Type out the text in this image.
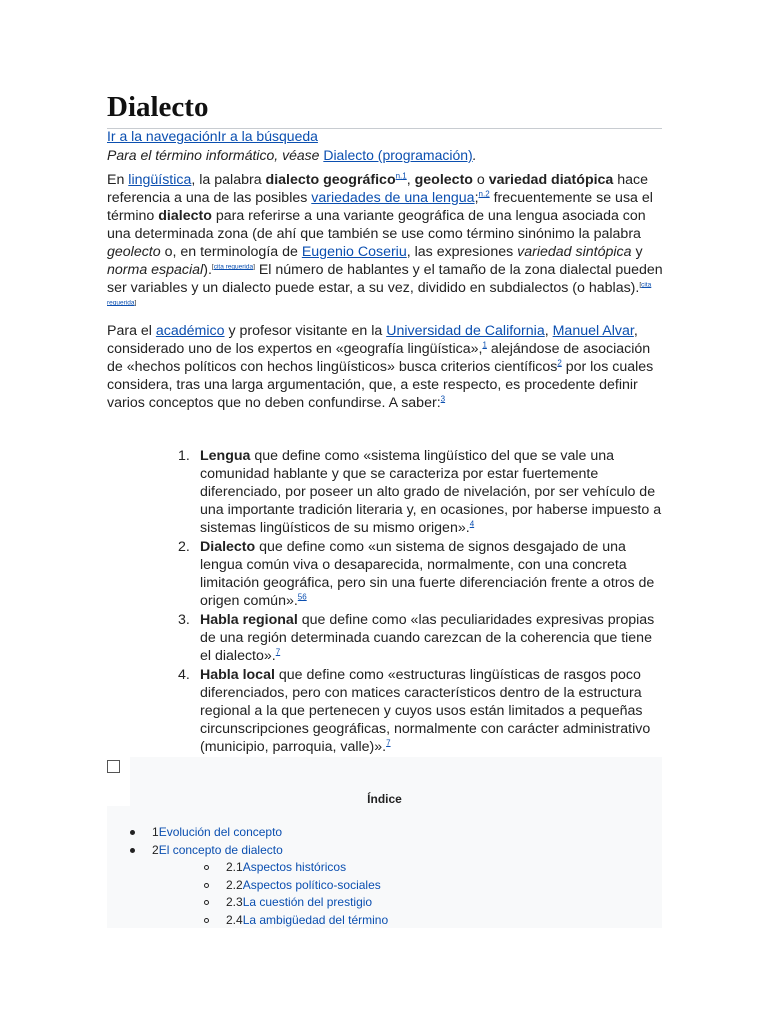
Dialecto
Ir a la navegaciónIr a la búsqueda
Para el término informático, véase Dialecto (programación).

En lingüística, la palabra dialecto geográfico$^{n.1}$, geolecto o variedad diatópica hace referencia a una de las posibles variedades de una lengua;$^{n.2}$ frecuentemente se usa el término dialecto para referirse a una variante geográfica de una lengua asociada con una determinada zona (de ahí que también se use como término sinónimo la palabra geolecto o, en terminología de Eugenio Coseriu, las expresiones variedad sintópica y norma espacial).[cita requerida] El número de hablantes y el tamaño de la zona dialectal pueden ser variables y un dialecto puede estar, a su vez, dividido en subdialectos (o hablas).[cita requerida]

Para el académico y profesor visitante en la Universidad de California, Manuel Alvar, considerado uno de los expertos en «geografía lingüística»,$^1$ alejándose de asociación de «hechos políticos con hechos lingüísticos» busca criterios científicos$^2$ por los cuales considera, tras una larga argumentación, que, a este respecto, es procedente definir varios conceptos que no deben confundirse. A saber:$^3$

1. Lengua que define como «sistema lingüístico del que se vale una comunidad hablante y que se caracteriza por estar fuertemente diferenciado, por poseer un alto grado de nivelación, por ser vehículo de una importante tradición literaria y, en ocasiones, por haberse impuesto a sistemas lingüísticos de su mismo origen».$^4$
2. Dialecto que define como «un sistema de signos desgajado de una lengua común viva o desaparecida, normalmente, con una concreta limitación geográfica, pero sin una fuerte diferenciación frente a otros de origen común».$^{56}$
3. Habla regional que define como «las peculiaridades expresivas propias de una región determinada cuando carezcan de la coherencia que tiene el dialecto».$^7$
4. Habla local que define como «estructuras lingüísticas de rasgos poco diferenciados, pero con matices característicos dentro de la estructura regional a la que pertenecen y cuyos usos están limitados a pequeñas circunscripciones geográficas, normalmente con carácter administrativo (municipio, parroquia, valle)».$^7$
Índice
1Evolución del concepto
2El concepto de dialecto
2.1Aspectos históricos
2.2Aspectos político-sociales
2.3La cuestión del prestigio
2.4La ambigüedad del término
